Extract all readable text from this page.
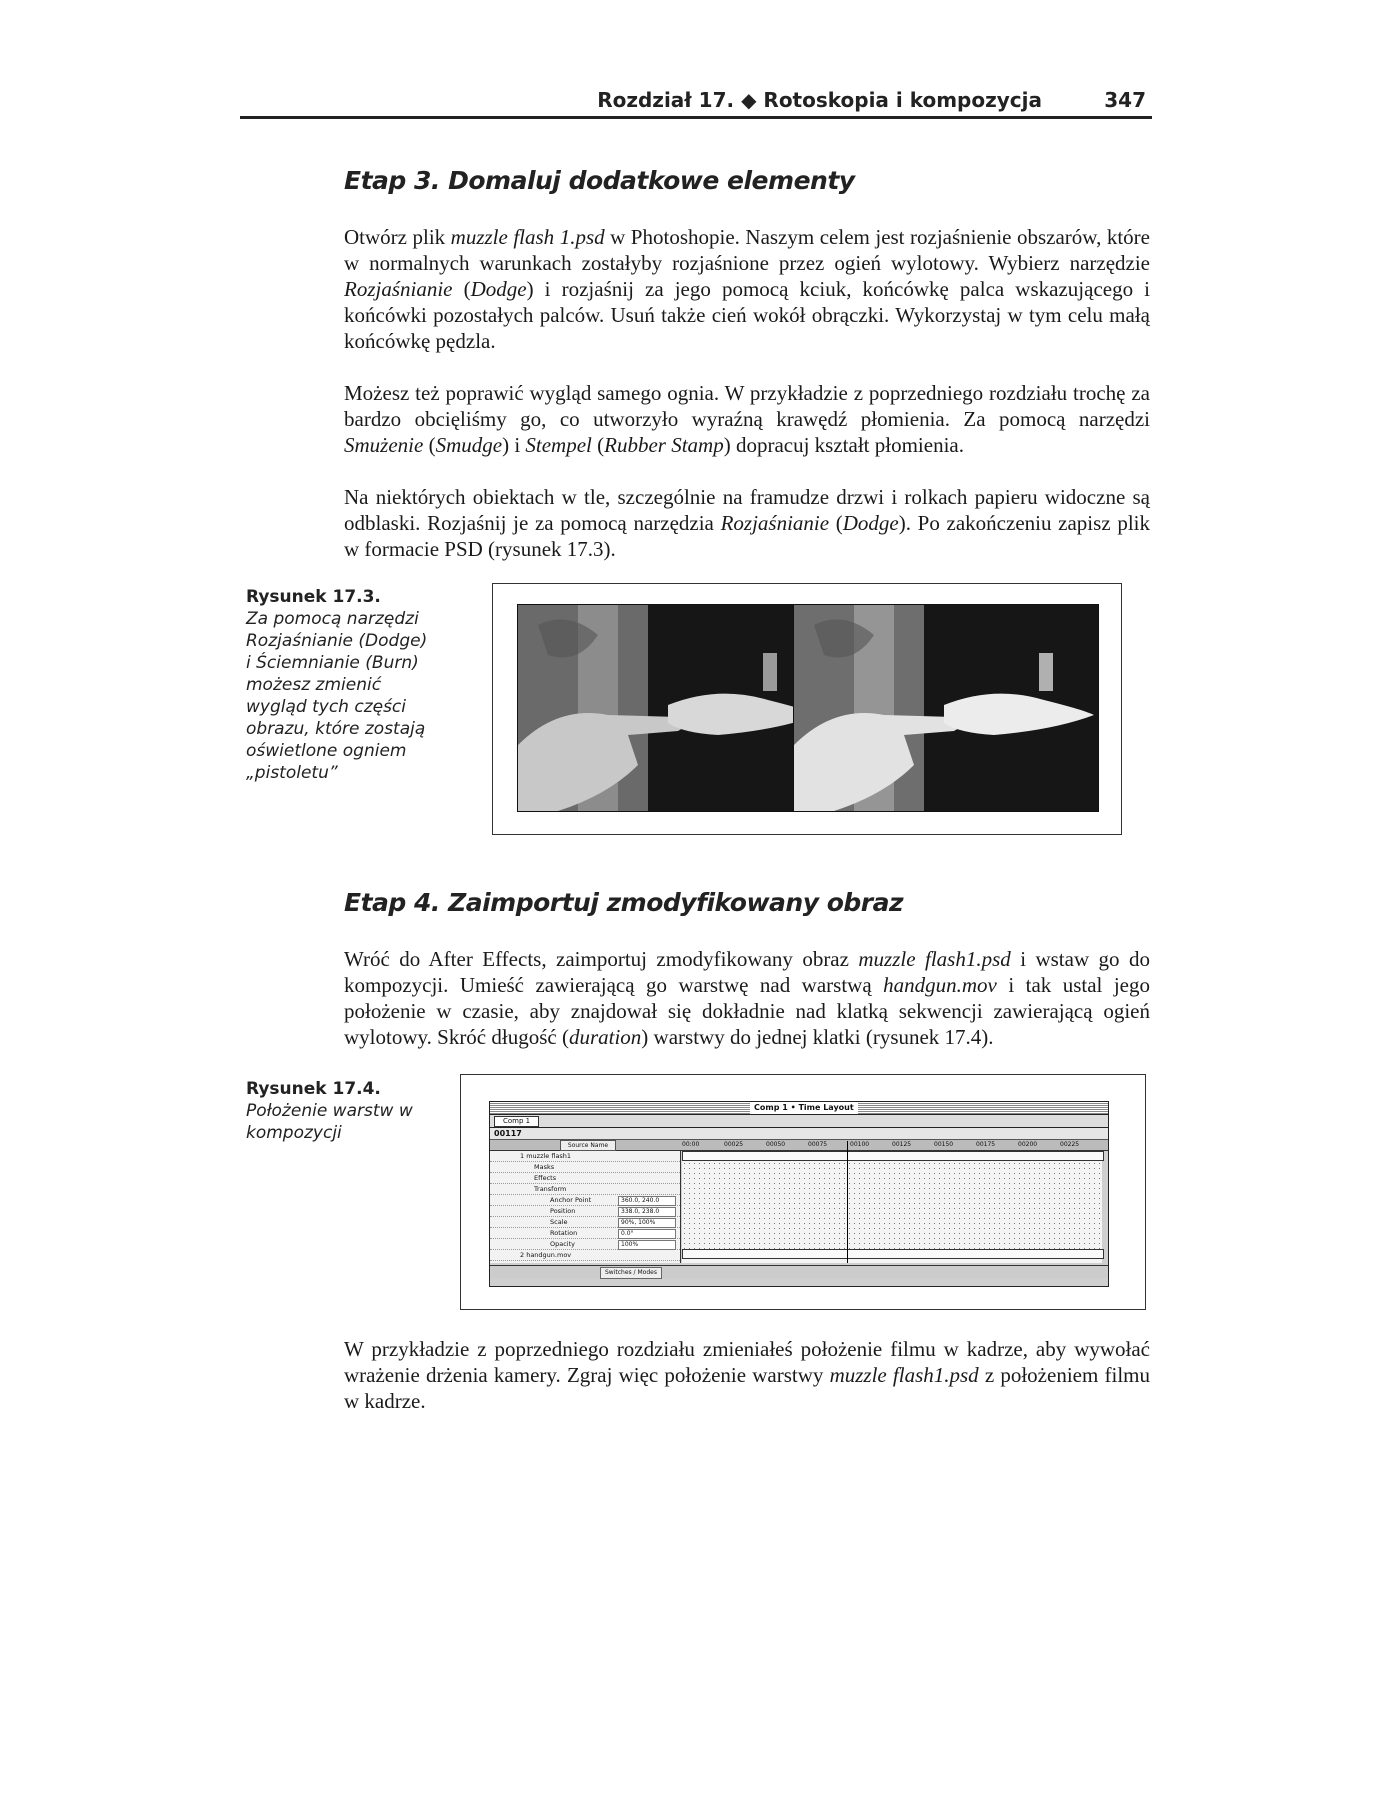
Rozdział 17. ◆ Rotoskopia i kompozycja	347
Etap 3. Domaluj dodatkowe elementy

Otwórz plik muzzle flash 1.psd w Photoshopie. Naszym celem jest rozjaśnienie obszarów, które w normalnych warunkach zostałyby rozjaśnione przez ogień wylotowy. Wybierz narzędzie Rozjaśnianie (Dodge) i rozjaśnij za jego pomocą kciuk, końcówkę palca wskazującego i końcówki pozostałych palców. Usuń także cień wokół obrączki. Wykorzystaj w tym celu małą końcówkę pędzla.

Możesz też poprawić wygląd samego ognia. W przykładzie z poprzedniego rozdziału trochę za bardzo obcięliśmy go, co utworzyło wyraźną krawędź płomienia. Za pomocą narzędzi Smużenie (Smudge) i Stempel (Rubber Stamp) dopracuj kształt płomienia.

Na niektórych obiektach w tle, szczególnie na framudze drzwi i rolkach papieru widoczne są odblaski. Rozjaśnij je za pomocą narzędzia Rozjaśnianie (Dodge). Po zakończeniu zapisz plik w formacie PSD (rysunek 17.3).

Rysunek 17.3.
Za pomocą narzędzi Rozjaśnianie (Dodge) i Ściemnianie (Burn) możesz zmienić wygląd tych części obrazu, które zostają oświetlone ogniem „pistoletu”
Etap 4. Zaimportuj zmodyfikowany obraz

Wróć do After Effects, zaimportuj zmodyfikowany obraz muzzle flash1.psd i wstaw go do kompozycji. Umieść zawierającą go warstwę nad warstwą handgun.mov i tak ustal jego położenie w czasie, aby znajdował się dokładnie nad klatką sekwencji zawierającą ogień wylotowy. Skróć długość (duration) warstwy do jednej klatki (rysunek 17.4).

Rysunek 17.4.
Położenie warstw w kompozycji
Comp 1 • Time Layout
Comp 1
00117
Source Name	00:00	00025	00050	00075	00100	00125	00150	00175	00200	00225
1 muzzle flash1
Masks
Effects
Transform
Anchor Point	360.0, 240.0
Position	338.0, 238.0
Scale	90%, 100%
Rotation	0.0°
Opacity	100%
2 handgun.mov
Switches / Modes

W przykładzie z poprzedniego rozdziału zmieniałeś położenie filmu w kadrze, aby wywołać wrażenie drżenia kamery. Zgraj więc położenie warstwy muzzle flash1.psd z położeniem filmu w kadrze.
